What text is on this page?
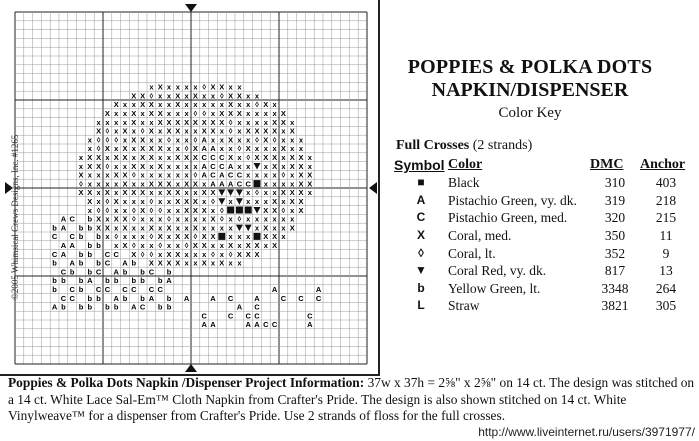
x X x x x x ◊ X X x x
X X ◊ x x X x X x x ◊ X X x x
X x x X X x x X x x x x x X x x ◊ X x
X x x X x X X x x x ◊ ◊ x X X X x x x x X
x x x x X x x X X X X X X X X ◊ x x x x X X x
X ◊ x X x ◊ X x X X x x X X x ◊ x X X X X x X
x ◊ ◊ ◊ x X X x x ◊ x x ◊ A x x X x x ◊ X ◊ x x x
x ◊ X x X x X X X x x ◊ X A A x x ◊ X x x x X x x
x X X x X X x X X x x X X X C C C X x ◊ X X X x X X x
x X X ◊ x x X X x X x x x x A C C A x x x X x X X x
X x x x X X ◊ x x x x x x ◊ A C A C C x x x x ◊ x X X
◊ x x x x X x x X X X x X X x A A A C C x x x x X X
X X x X x X X X x x X X x x X X	x ◊ x x X X X x
X x ◊ X x x x ◊ x x X X X x ◊ x x x x X x X X
x ◊ ◊ x x ◊ X ◊ ◊ x x X X X x ◊	X X ◊ x X
A C b X x X X ◊ x x x ◊ x x x x X ◊ x ◊ x x x x x x
b A b b X X x X x x X x X x x X x x x x	x X x x X
C C b b x ◊ x x x ◊ X x X X ◊ X X x x x X X x
A A b b x X ◊ x x ◊ x x ◊ X X x x X x X X x X
C A b b C C X ◊ ◊ x X X x x x ◊ x ◊ X X X
b A b b C A b X X X X x x X x X x x
C b b C A b b C b
b b b A b b b b b A
b C b C C C C C C	A	A
C C b b A b b A b A	A C	A	C C C
A b b b b b A C b b	A C
C	C C C	C
A A	A A C C	A
©2005 Whimsical Crews Designs, Inc. #1265
POPPIES & POLKA DOTS
NAPKIN/DISPENSER
Color Key
Full Crosses (2 strands)
Symbol	Color	DMC	Anchor
■	Black	310	403
A	Pistachio Green, vy. dk.	319	218
C	Pistachio Green, med.	320	215
X	Coral, med.	350	11
◊	Coral, lt.	352	9
▼	Coral Red, vy. dk.	817	13
b	Yellow Green, lt.	3348	264
L	Straw	3821	305
Poppies & Polka Dots Napkin /Dispenser Project Information: 37w x 37h = 2⅝" x 2⅝" on 14 ct. The design was stitched on a 14 ct. White Lace Sal-Em™ Cloth Napkin from Crafter's Pride. The design is also shown stitched on 14 ct. White Vinylweave™ for a dispenser from Crafter's Pride. Use 2 strands of floss for the full crosses.
http://www.liveinternet.ru/users/3971977/
